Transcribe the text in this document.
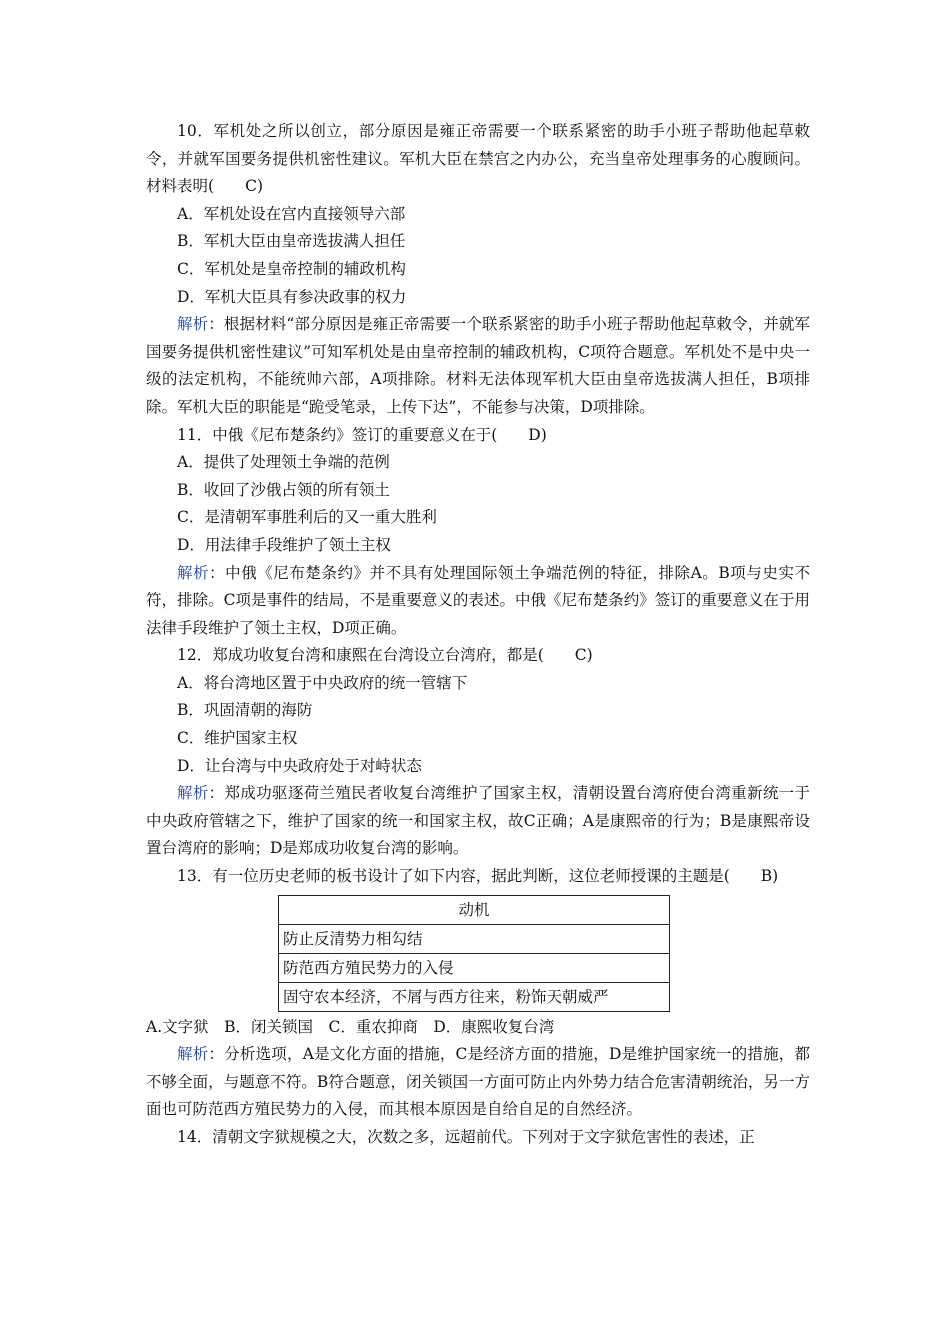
10．军机处之所以创立，部分原因是雍正帝需要一个联系紧密的助手小班子帮助他起草敕令，并就军国要务提供机密性建议。军机大臣在禁宫之内办公，充当皇帝处理事务的心腹顾问。材料表明( C)

A．军机处设在宫内直接领导六部

B．军机大臣由皇帝选拔满人担任

C．军机处是皇帝控制的辅政机构

D．军机大臣具有参决政事的权力

解析：根据材料“部分原因是雍正帝需要一个联系紧密的助手小班子帮助他起草敕令，并就军国要务提供机密性建议”可知军机处是由皇帝控制的辅政机构，C项符合题意。军机处不是中央一级的法定机构，不能统帅六部，A项排除。材料无法体现军机大臣由皇帝选拔满人担任，B项排除。军机大臣的职能是“跪受笔录，上传下达”，不能参与决策，D项排除。

11．中俄《尼布楚条约》签订的重要意义在于( D)

A．提供了处理领土争端的范例

B．收回了沙俄占领的所有领土

C．是清朝军事胜利后的又一重大胜利

D．用法律手段维护了领土主权

解析：中俄《尼布楚条约》并不具有处理国际领土争端范例的特征，排除A。B项与史实不符，排除。C项是事件的结局，不是重要意义的表述。中俄《尼布楚条约》签订的重要意义在于用法律手段维护了领土主权，D项正确。

12．郑成功收复台湾和康熙在台湾设立台湾府，都是( C)

A．将台湾地区置于中央政府的统一管辖下

B．巩固清朝的海防

C．维护国家主权

D．让台湾与中央政府处于对峙状态

解析：郑成功驱逐荷兰殖民者收复台湾维护了国家主权，清朝设置台湾府使台湾重新统一于中央政府管辖之下，维护了国家的统一和国家主权，故C正确；A是康熙帝的行为；B是康熙帝设置台湾府的影响；D是郑成功收复台湾的影响。

13．有一位历史老师的板书设计了如下内容，据此判断，这位老师授课的主题是( B)

动机
防止反清势力相勾结
防范西方殖民势力的入侵
固守农本经济，不屑与西方往来，粉饰天朝威严

A.文字狱　B．闭关锁国　C．重农抑商　D．康熙收复台湾

解析：分析选项，A是文化方面的措施，C是经济方面的措施，D是维护国家统一的措施，都不够全面，与题意不符。B符合题意，闭关锁国一方面可防止内外势力结合危害清朝统治，另一方面也可防范西方殖民势力的入侵，而其根本原因是自给自足的自然经济。

14．清朝文字狱规模之大，次数之多，远超前代。下列对于文字狱危害性的表述，正
